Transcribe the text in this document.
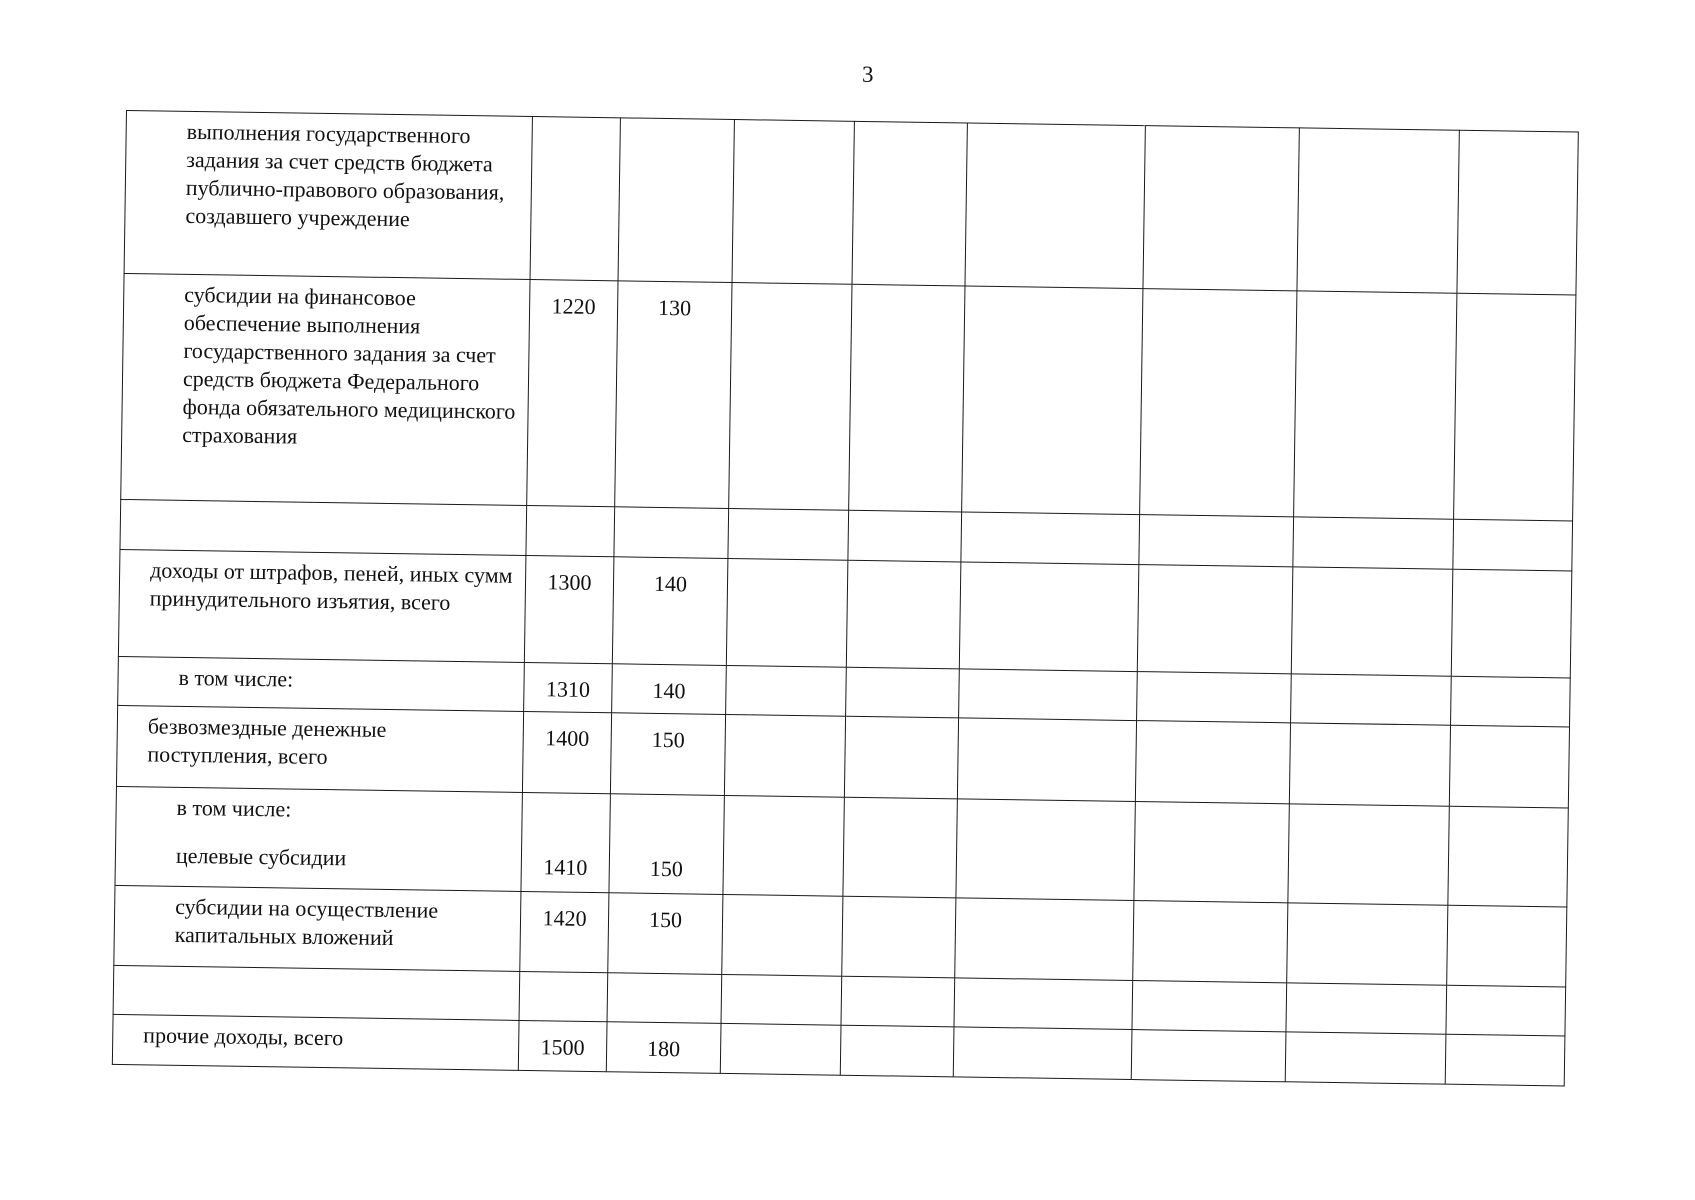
3
выполнения государственного задания за счет средств бюджета публично-правового образования, создавшего учреждение								
субсидии на финансовое обеспечение выполнения государственного задания за счет средств бюджета Федерального фонда обязательного медицинского страхования	1220	130						

доходы от штрафов, пеней, иных сумм принудительного изъятия, всего	1300	140						
в том числе:	1310	140						
безвозмездные денежные поступления, всего	1400	150						
в том числе:
целевые субсидии	1410	150						
субсидии на осуществление капитальных вложений	1420	150						

прочие доходы, всего	1500	180						
